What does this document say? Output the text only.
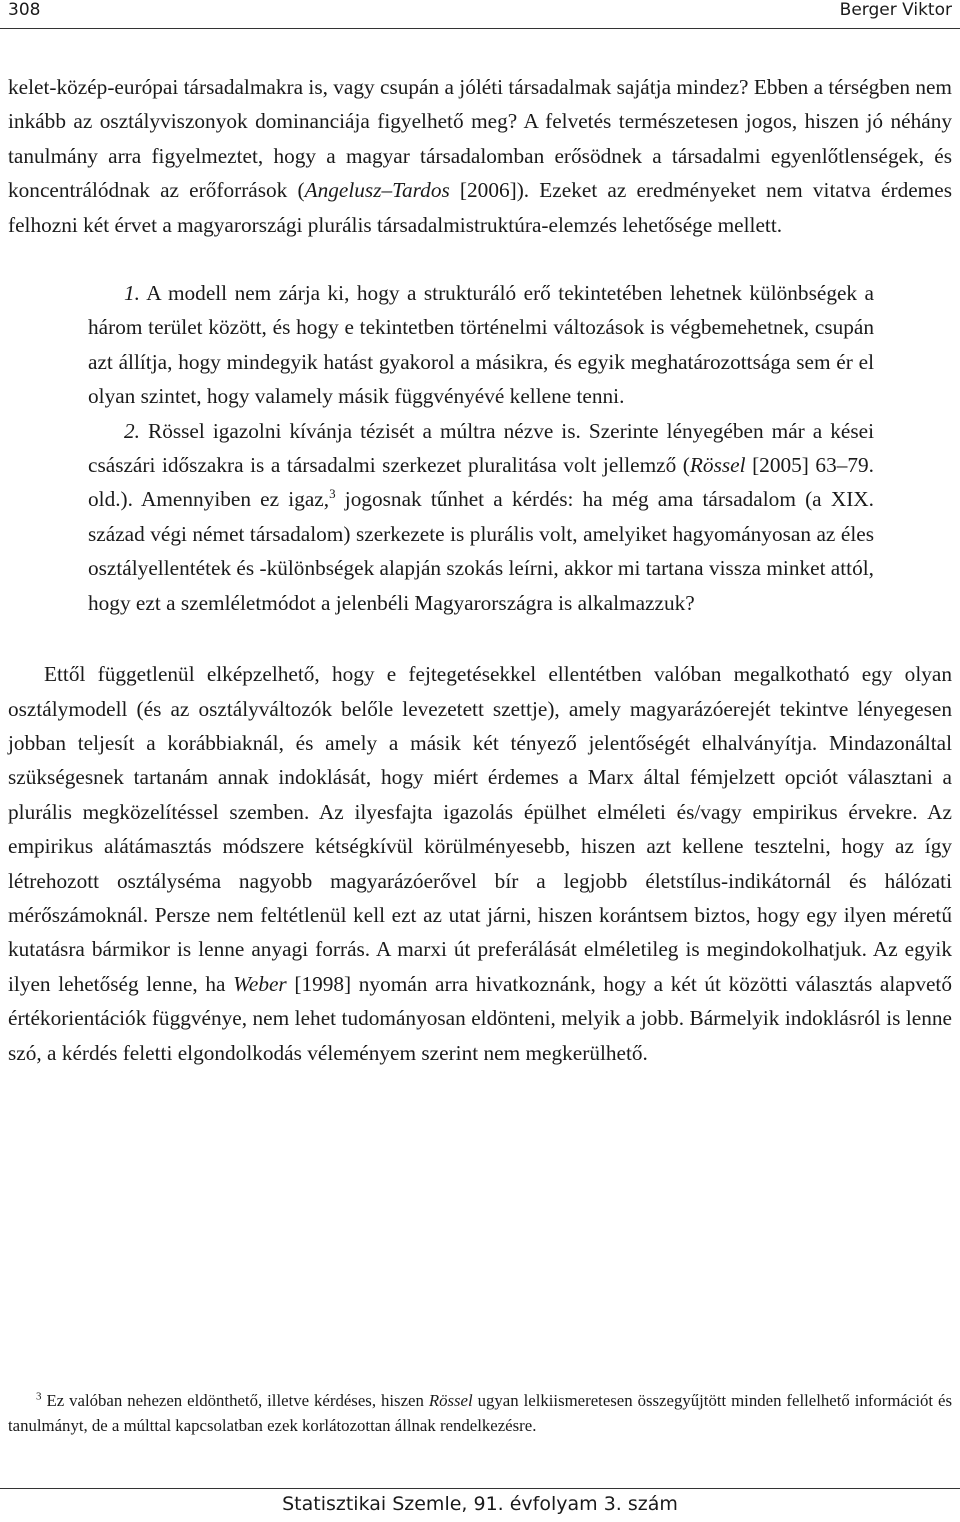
308	Berger Viktor

kelet-közép-európai társadalmakra is, vagy csupán a jóléti társadalmak sajátja mindez? Ebben a térségben nem inkább az osztályviszonyok dominanciája figyelhető meg? A felvetés természetesen jogos, hiszen jó néhány tanulmány arra figyelmeztet, hogy a magyar társadalomban erősödnek a társadalmi egyenlőtlenségek, és koncentrálódnak az erőforrások (Angelusz–Tardos [2006]). Ezeket az eredményeket nem vitatva érdemes felhozni két érvet a magyarországi plurális társadalmistruktúra-elemzés lehetősége mellett.

1. A modell nem zárja ki, hogy a strukturáló erő tekintetében lehetnek különbségek a három terület között, és hogy e tekintetben történelmi változások is végbemehetnek, csupán azt állítja, hogy mindegyik hatást gyakorol a másikra, és egyik meghatározottsága sem ér el olyan szintet, hogy valamely másik függvényévé kellene tenni.

2. Rössel igazolni kívánja tézisét a múltra nézve is. Szerinte lényegében már a kései császári időszakra is a társadalmi szerkezet pluralitása volt jellemző (Rössel [2005] 63–79. old.). Amennyiben ez igaz,$^3$ jogosnak tűnhet a kérdés: ha még ama társadalom (a XIX. század végi német társadalom) szerkezete is plurális volt, amelyiket hagyományosan az éles osztályellentétek és -különbségek alapján szokás leírni, akkor mi tartana vissza minket attól, hogy ezt a szemléletmódot a jelenbéli Magyarországra is alkalmazzuk?

Ettől függetlenül elképzelhető, hogy e fejtegetésekkel ellentétben valóban megalkotható egy olyan osztálymodell (és az osztályváltozók belőle levezetett szettje), amely magyarázóerejét tekintve lényegesen jobban teljesít a korábbiaknál, és amely a másik két tényező jelentőségét elhalványítja. Mindazonáltal szükségesnek tartanám annak indoklását, hogy miért érdemes a Marx által fémjelzett opciót választani a plurális megközelítéssel szemben. Az ilyesfajta igazolás épülhet elméleti és/vagy empirikus érvekre. Az empirikus alátámasztás módszere kétségkívül körülményesebb, hiszen azt kellene tesztelni, hogy az így létrehozott osztályséma nagyobb magyarázóerővel bír a legjobb életstílus-indikátornál és hálózati mérőszámoknál. Persze nem feltétlenül kell ezt az utat járni, hiszen korántsem biztos, hogy egy ilyen méretű kutatásra bármikor is lenne anyagi forrás. A marxi út preferálását elméletileg is megindokolhatjuk. Az egyik ilyen lehetőség lenne, ha Weber [1998] nyomán arra hivatkoznánk, hogy a két út közötti választás alapvető értékorientációk függvénye, nem lehet tudományosan eldönteni, melyik a jobb. Bármelyik indoklásról is lenne szó, a kérdés feletti elgondolkodás véleményem szerint nem megkerülhető.

$^3$ Ez valóban nehezen eldönthető, illetve kérdéses, hiszen Rössel ugyan lelkiismeretesen összegyűjtött minden fellelhető információt és tanulmányt, de a múlttal kapcsolatban ezek korlátozottan állnak rendelkezésre.

Statisztikai Szemle, 91. évfolyam 3. szám
